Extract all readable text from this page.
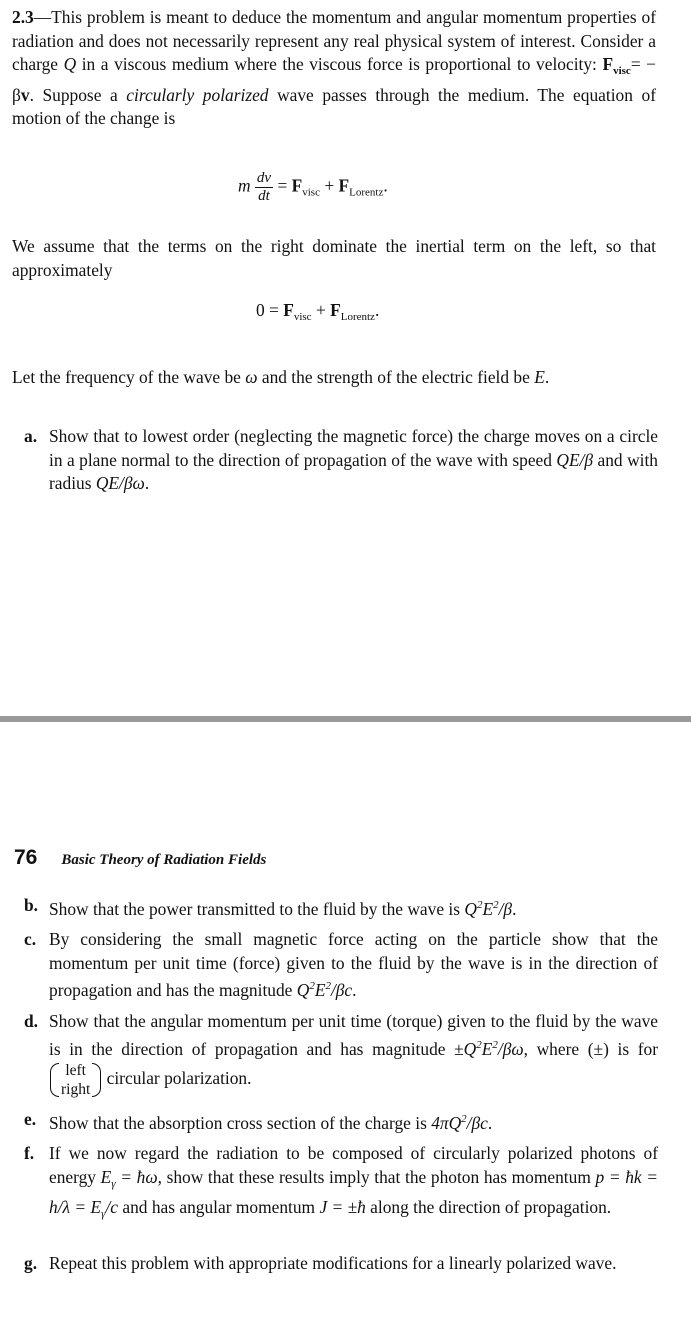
2.3—This problem is meant to deduce the momentum and angular momentum properties of radiation and does not necessarily represent any real physical system of interest. Consider a charge Q in a viscous medium where the viscous force is proportional to velocity: $F_{visc}= - \beta v$. Suppose a circularly polarized wave passes through the medium. The equation of motion of the change is
m $\frac{dv}{dt} = F_{visc} + F_{Lorentz}$.
We assume that the terms on the right dominate the inertial term on the left, so that approximately
$0 = F_{visc} + F_{Lorentz}$.
Let the frequency of the wave be ω and the strength of the electric field be E.
a. Show that to lowest order (neglecting the magnetic force) the charge moves on a circle in a plane normal to the direction of propagation of the wave with speed QE/β and with radius QE/βω.
76 Basic Theory of Radiation Fields
b. Show that the power transmitted to the fluid by the wave is $Q^2E^2/\beta$.
c. By considering the small magnetic force acting on the particle show that the momentum per unit time (force) given to the fluid by the wave is in the direction of propagation and has the magnitude $Q^2E^2/\beta c$.
d. Show that the angular momentum per unit time (torque) given to the fluid by the wave is in the direction of propagation and has magnitude $\pm Q^2E^2/\beta\omega$, where (±) is for
left
right
circular polarization.
e. Show that the absorption cross section of the charge is $4\pi Q^2/\beta c$.
f. If we now regard the radiation to be composed of circularly polarized photons of energy $E_\gamma$ = ħω, show that these results imply that the photon has momentum p = ħk = $h/\lambda = E_\gamma/c$ and has angular momentum J = ±ħ along the direction of propagation.
g. Repeat this problem with appropriate modifications for a linearly polarized wave.
